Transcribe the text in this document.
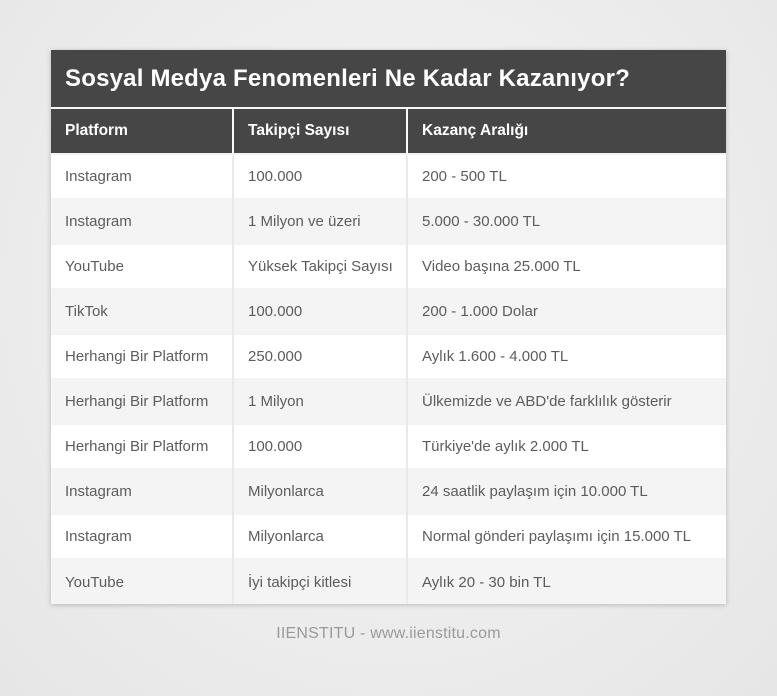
Sosyal Medya Fenomenleri Ne Kadar Kazanıyor?
Platform	Takipçi Sayısı	Kazanç Aralığı
Instagram	100.000	200 - 500 TL
Instagram	1 Milyon ve üzeri	5.000 - 30.000 TL
YouTube	Yüksek Takipçi Sayısı	Video başına 25.000 TL
TikTok	100.000	200 - 1.000 Dolar
Herhangi Bir Platform	250.000	Aylık 1.600 - 4.000 TL
Herhangi Bir Platform	1 Milyon	Ülkemizde ve ABD'de farklılık gösterir
Herhangi Bir Platform	100.000	Türkiye'de aylık 2.000 TL
Instagram	Milyonlarca	24 saatlik paylaşım için 10.000 TL
Instagram	Milyonlarca	Normal gönderi paylaşımı için 15.000 TL
YouTube	İyi takipçi kitlesi	Aylık 20 - 30 bin TL
IIENSTITU - www.iienstitu.com
